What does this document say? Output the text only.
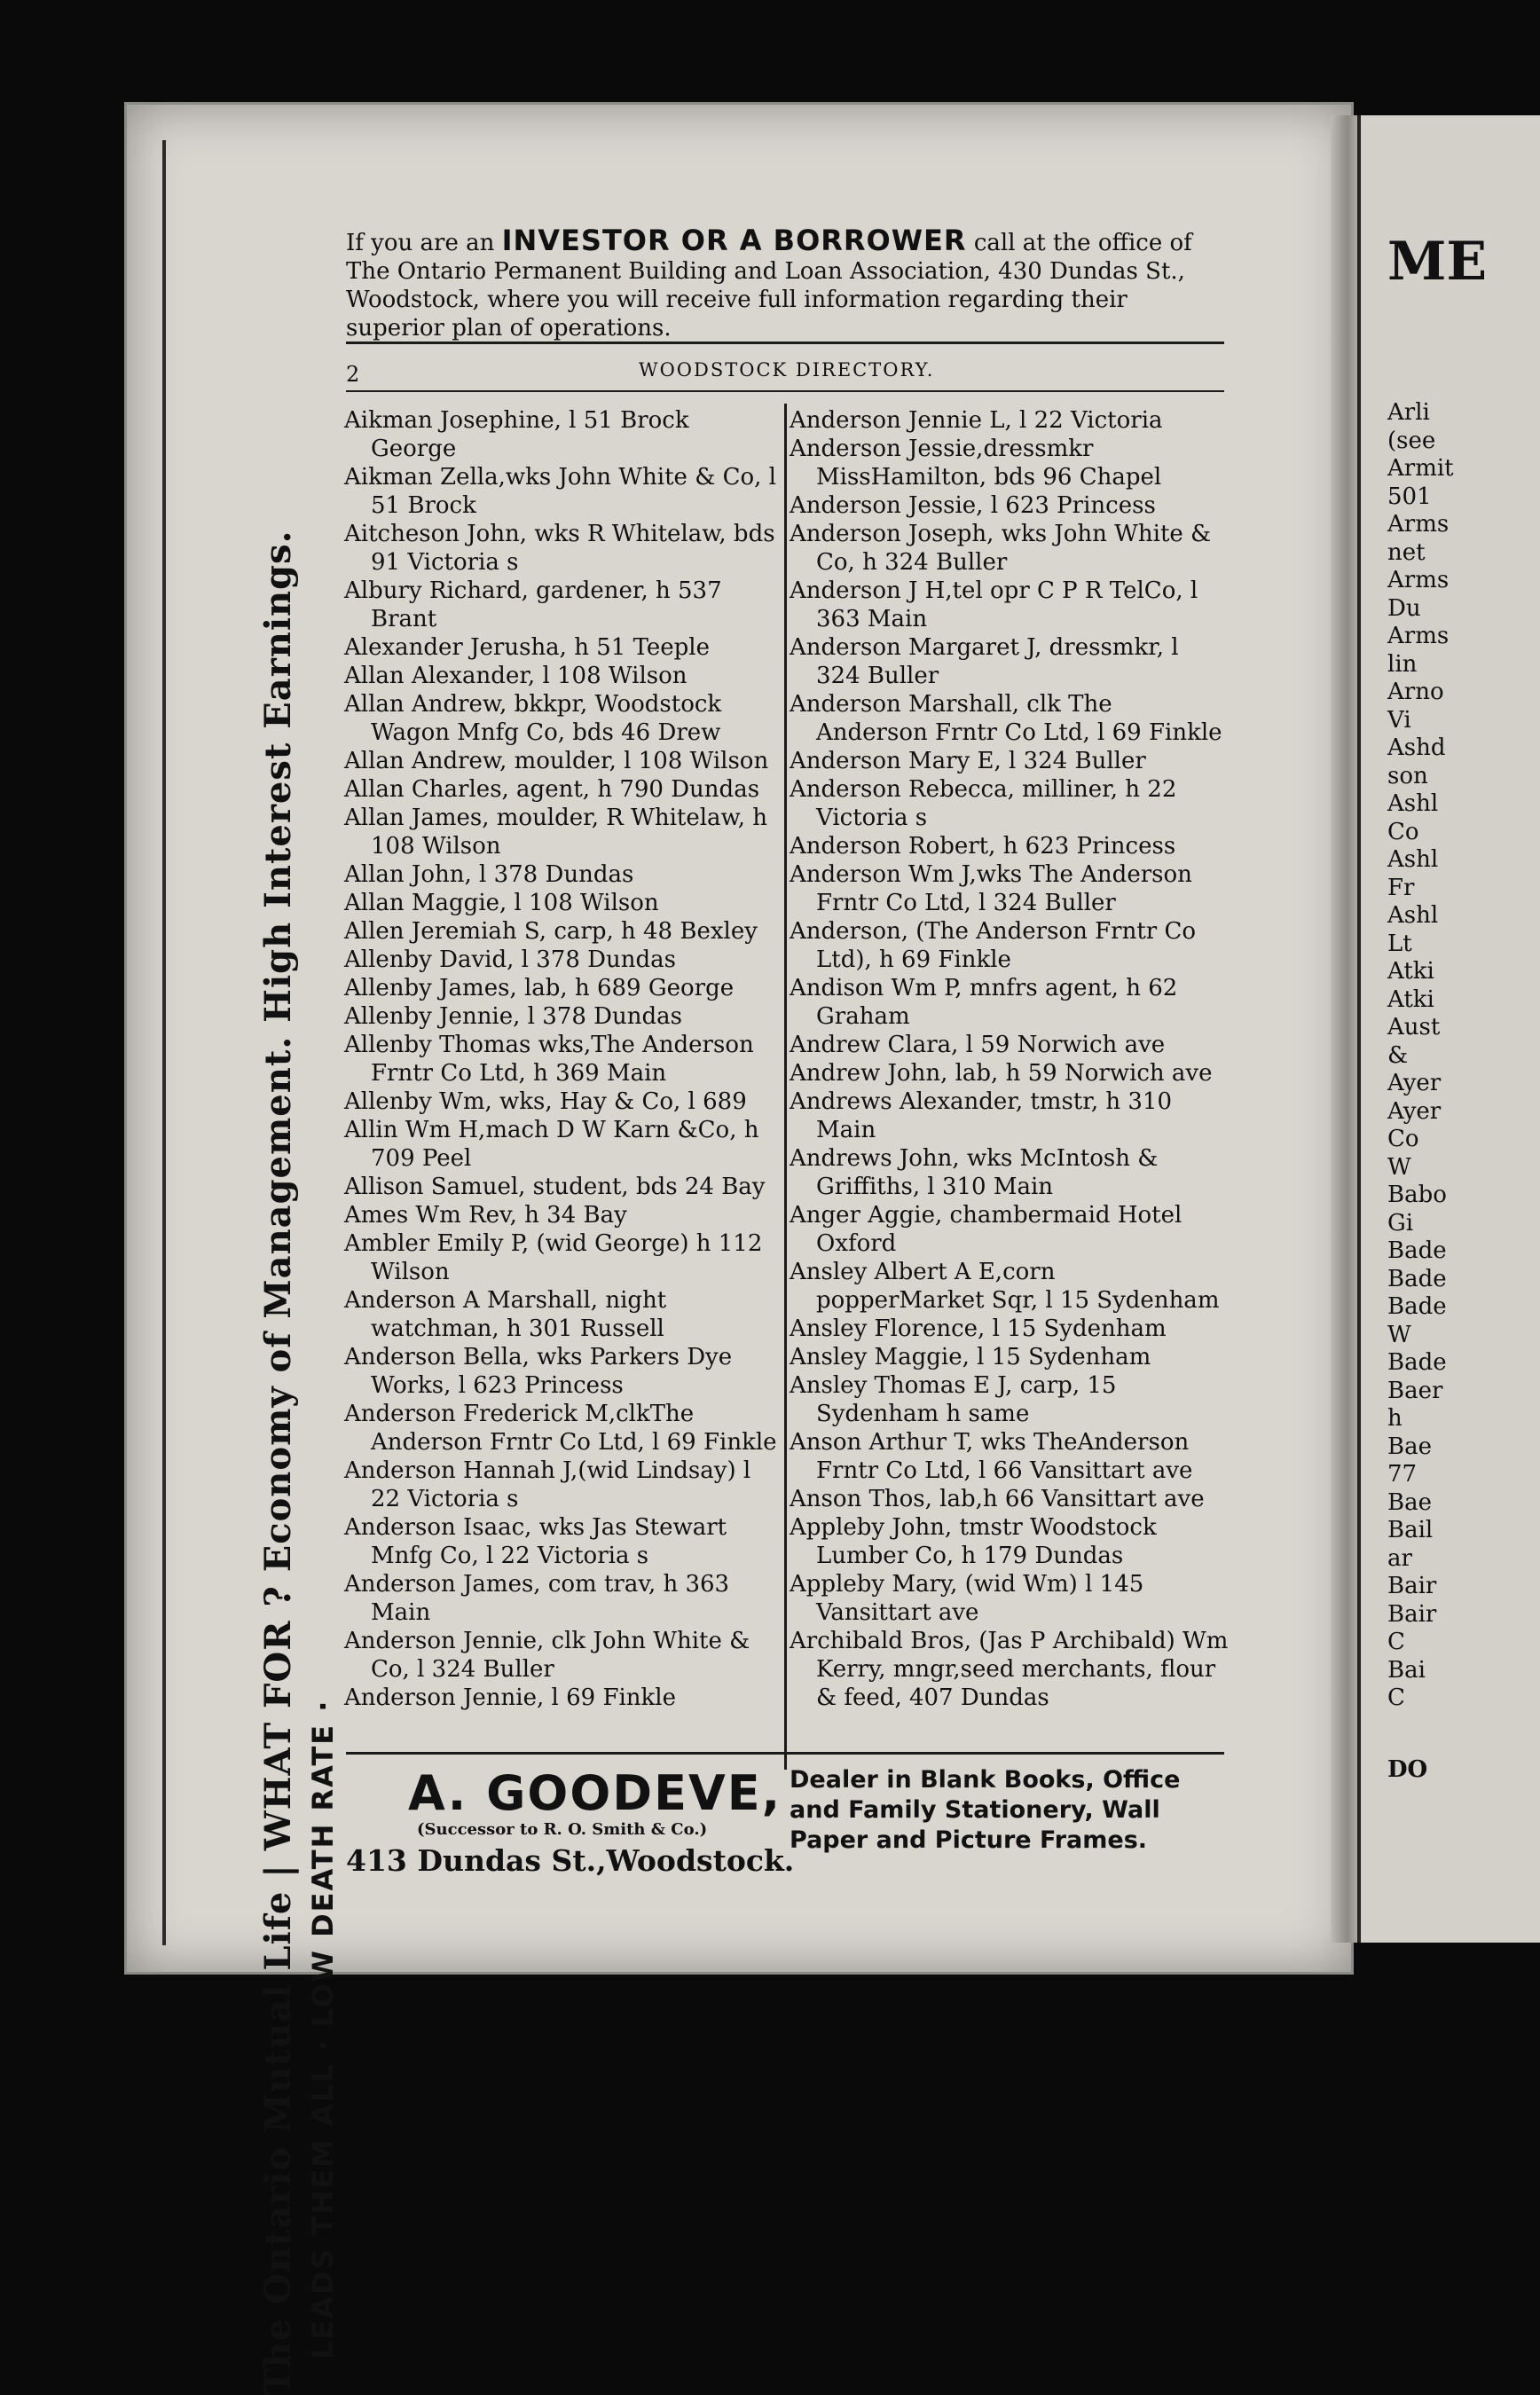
ME
Arli
(see
Armit
501
Arms
net
Arms
Du
Arms
lin
Arno
Vi
Ashd
son
Ashl
Co
Ashl
Fr
Ashl
Lt
Atki
Atki
Aust
&
Ayer
Ayer
Co
W
Babo
Gi
Bade
Bade
Bade
W
Bade
Baer
h
Bae
77
Bae
Bail
ar
Bair
Bair
C
Bai
C
DO
If you are an INVESTOR OR A BORROWER call at the office of The Ontario Permanent Building and Loan Association, 430 Dundas St., Woodstock, where you will receive full information regarding their superior plan of operations.
2	WOODSTOCK DIRECTORY.
Aikman Josephine, l 51 Brock George
Aikman Zella,wks John White & Co, l 51 Brock
Aitcheson John, wks R Whitelaw, bds 91 Victoria s
Albury Richard, gardener, h 537 Brant
Alexander Jerusha, h 51 Teeple
Allan Alexander, l 108 Wilson
Allan Andrew, bkkpr, Woodstock Wagon Mnfg Co, bds 46 Drew
Allan Andrew, moulder, l 108 Wilson
Allan Charles, agent, h 790 Dundas
Allan James, moulder, R Whitelaw, h 108 Wilson
Allan John, l 378 Dundas
Allan Maggie, l 108 Wilson
Allen Jeremiah S, carp, h 48 Bexley
Allenby David, l 378 Dundas
Allenby James, lab, h 689 George
Allenby Jennie, l 378 Dundas
Allenby Thomas wks,The Anderson Frntr Co Ltd, h 369 Main
Allenby Wm, wks, Hay & Co, l 689
Allin Wm H,mach D W Karn &Co, h 709 Peel
Allison Samuel, student, bds 24 Bay
Ames Wm Rev, h 34 Bay
Ambler Emily P, (wid George) h 112 Wilson
Anderson A Marshall, night watchman, h 301 Russell
Anderson Bella, wks Parkers Dye Works, l 623 Princess
Anderson Frederick M,clkThe Anderson Frntr Co Ltd, l 69 Finkle
Anderson Hannah J,(wid Lindsay) l 22 Victoria s
Anderson Isaac, wks Jas Stewart Mnfg Co, l 22 Victoria s
Anderson James, com trav, h 363 Main
Anderson Jennie, clk John White & Co, l 324 Buller
Anderson Jennie, l 69 Finkle
Anderson Jennie L, l 22 Victoria
Anderson Jessie,dressmkr MissHamilton, bds 96 Chapel
Anderson Jessie, l 623 Princess
Anderson Joseph, wks John White & Co, h 324 Buller
Anderson J H,tel opr C P R TelCo, l 363 Main
Anderson Margaret J, dressmkr, l 324 Buller
Anderson Marshall, clk The Anderson Frntr Co Ltd, l 69 Finkle
Anderson Mary E, l 324 Buller
Anderson Rebecca, milliner, h 22 Victoria s
Anderson Robert, h 623 Princess
Anderson Wm J,wks The Anderson Frntr Co Ltd, l 324 Buller
Anderson, (The Anderson Frntr Co Ltd), h 69 Finkle
Andison Wm P, mnfrs agent, h 62 Graham
Andrew Clara, l 59 Norwich ave
Andrew John, lab, h 59 Norwich ave
Andrews Alexander, tmstr, h 310 Main
Andrews John, wks McIntosh & Griffiths, l 310 Main
Anger Aggie, chambermaid Hotel Oxford
Ansley Albert A E,corn popperMarket Sqr, l 15 Sydenham
Ansley Florence, l 15 Sydenham
Ansley Maggie, l 15 Sydenham
Ansley Thomas E J, carp, 15 Sydenham h same
Anson Arthur T, wks TheAnderson Frntr Co Ltd, l 66 Vansittart ave
Anson Thos, lab,h 66 Vansittart ave
Appleby John, tmstr Woodstock Lumber Co, h 179 Dundas
Appleby Mary, (wid Wm) l 145 Vansittart ave
Archibald Bros, (Jas P Archibald) Wm Kerry, mngr,seed merchants, flour & feed, 407 Dundas
The Ontario Mutual Life | WHAT FOR ? Economy of Management. High Interest Earnings. LEADS THEM ALL · LOW DEATH RATE · A. GOODEVE,
(Successor to R. O. Smith & Co.)
413 Dundas St.,Woodstock.
Dealer in Blank Books, Office and Family Stationery, Wall Paper and Picture Frames.
